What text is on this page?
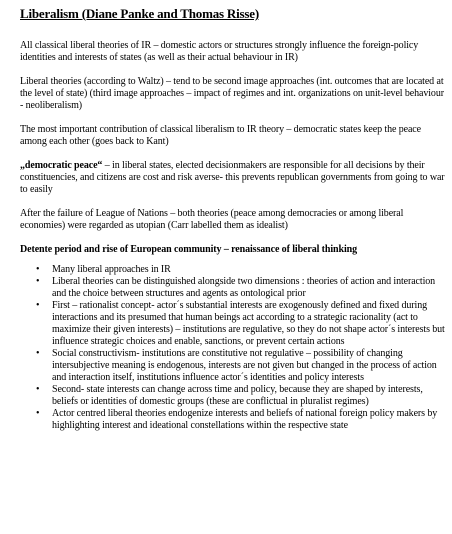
Liberalism (Diane Panke and Thomas Risse)

All classical liberal theories of IR – domestic actors or structures strongly influence the foreign-policy identities and interests of states (as well as their actual behaviour in IR)

Liberal theories (according to Waltz) – tend to be second image approaches (int. outcomes that are located at the level of state) (third image approaches – impact of regimes and int. organizations on unit-level behaviour - neoliberalism)

The most important contribution of classical liberalism to IR theory – democratic states keep the peace among each other (goes back to Kant)

„democratic peace“ – in liberal states, elected decisionmakers are responsible for all decisions by their constituencies, and citizens are cost and risk averse- this prevents republican governments from going to war to easily

After the failure of League of Nations – both theories (peace among democracies or among liberal economies) were regarded as utopian (Carr labelled them as idealist)

Detente period and rise of European community – renaissance of liberal thinking
• Many liberal approaches in IR
• Liberal theories can be distinguished alongside two dimensions : theories of action and interaction and the choice between structures and agents as ontological prior
• First – rationalist concept- actor´s substantial interests are exogenously defined and fixed during interactions and its presumed that human beings act according to a strategic racionality (act to maximize their given interests) – institutions are regulative, so they do not shape actor´s interests but influence strategic choices and enable, sanctions, or prevent certain actions
• Social constructivism- institutions are constitutive not regulative – possibility of changing intersubjective meaning is endogenous, interests are not given but changed in the process of action and interaction itself, institutions influence actor´s identities and policy interests
• Second- state interests can change across time and policy, because they are shaped by interests, beliefs or identities of domestic groups (these are conflictual in pluralist regimes)
• Actor centred liberal theories endogenize interests and beliefs of national foreign policy makers by highlighting interest and ideational constellations within the respective state
